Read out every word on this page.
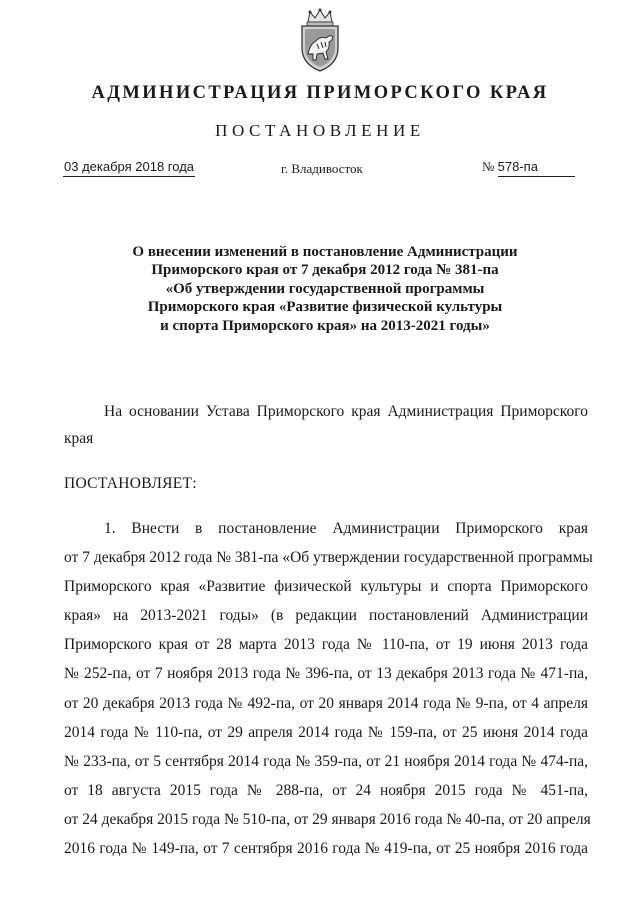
АДМИНИСТРАЦИЯ ПРИМОРСКОГО КРАЯ
ПОСТАНОВЛЕНИЕ
03 декабря 2018 года	г. Владивосток	№ 578-па
О внесении изменений в постановление Администрации
Приморского края от 7 декабря 2012 года № 381-па
«Об утверждении государственной программы
Приморского края «Развитие физической культуры
и спорта Приморского края» на 2013-2021 годы»
На основании Устава Приморского края Администрация Приморского
края
ПОСТАНОВЛЯЕТ:
1. Внести в постановление Администрации Приморского края
от 7 декабря 2012 года № 381-па «Об утверждении государственной программы
Приморского края «Развитие физической культуры и спорта Приморского
края» на 2013-2021 годы» (в редакции постановлений Администрации
Приморского края от 28 марта 2013 года № 110-па, от 19 июня 2013 года
№ 252-па, от 7 ноября 2013 года № 396-па, от 13 декабря 2013 года № 471-па,
от 20 декабря 2013 года № 492-па, от 20 января 2014 года № 9-па, от 4 апреля
2014 года № 110-па, от 29 апреля 2014 года № 159-па, от 25 июня 2014 года
№ 233-па, от 5 сентября 2014 года № 359-па, от 21 ноября 2014 года № 474-па,
от 18 августа 2015 года № 288-па, от 24 ноября 2015 года № 451-па,
от 24 декабря 2015 года № 510-па, от 29 января 2016 года № 40-па, от 20 апреля
2016 года № 149-па, от 7 сентября 2016 года № 419-па, от 25 ноября 2016 года
